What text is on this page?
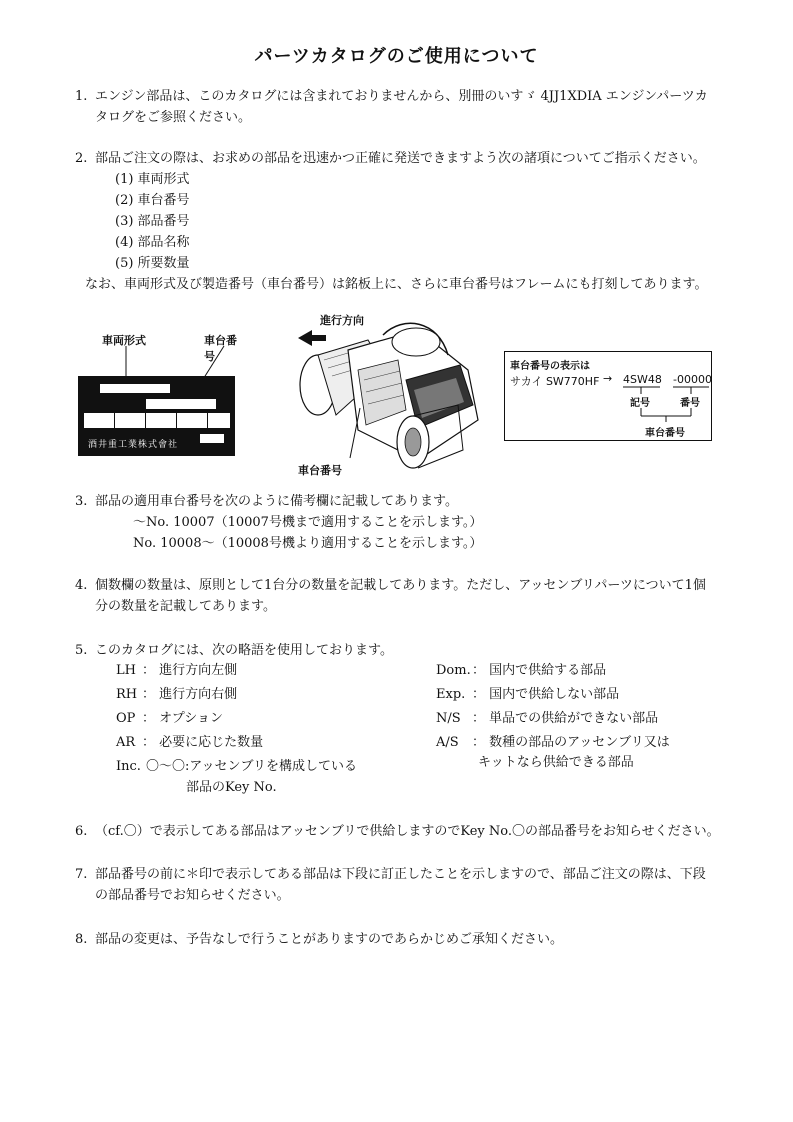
パーツカタログのご使用について
1. エンジン部品は、このカタログには含まれておりませんから、別冊のいすゞ 4JJ1XDIA エンジンパーツカ
タログをご参照ください。
2. 部品ご注文の際は、お求めの部品を迅速かつ正確に発送できますよう次の諸項についてご指示ください。
(1) 車両形式
(2) 車台番号
(3) 部品番号
(4) 部品名称
(5) 所要数量
なお、車両形式及び製造番号（車台番号）は銘板上に、さらに車台番号はフレームにも打刻してあります。
車両形式	車台番号
酒井重工業株式會社
進行方向
車台番号
車台番号の表示は
サカイ SW770HF → 4SW48 -00000
記号	番号
車台番号
3. 部品の適用車台番号を次のように備考欄に記載してあります。
～No. 10007（10007号機まで適用することを示します。）
No. 10008～（10008号機より適用することを示します。）
4. 個数欄の数量は、原則として1台分の数量を記載してあります。ただし、アッセンブリパーツについて1個
分の数量を記載してあります。
5. このカタログには、次の略語を使用しております。
LH ： 進行方向左側
RH ： 進行方向右側
OP ： オプション
AR ： 必要に応じた数量
Inc. 〇～〇:アッセンブリを構成している
部品のKey No.
Dom.： 国内で供給する部品
Exp. ： 国内で供給しない部品
N/S ： 単品での供給ができない部品
A/S ： 数種の部品のアッセンブリ又は
キットなら供給できる部品
6. （cf.〇）で表示してある部品はアッセンブリで供給しますのでKey No.〇の部品番号をお知らせください。
7. 部品番号の前に＊印で表示してある部品は下段に訂正したことを示しますので、部品ご注文の際は、下段
の部品番号でお知らせください。
8. 部品の変更は、予告なしで行うことがありますのであらかじめご承知ください。
